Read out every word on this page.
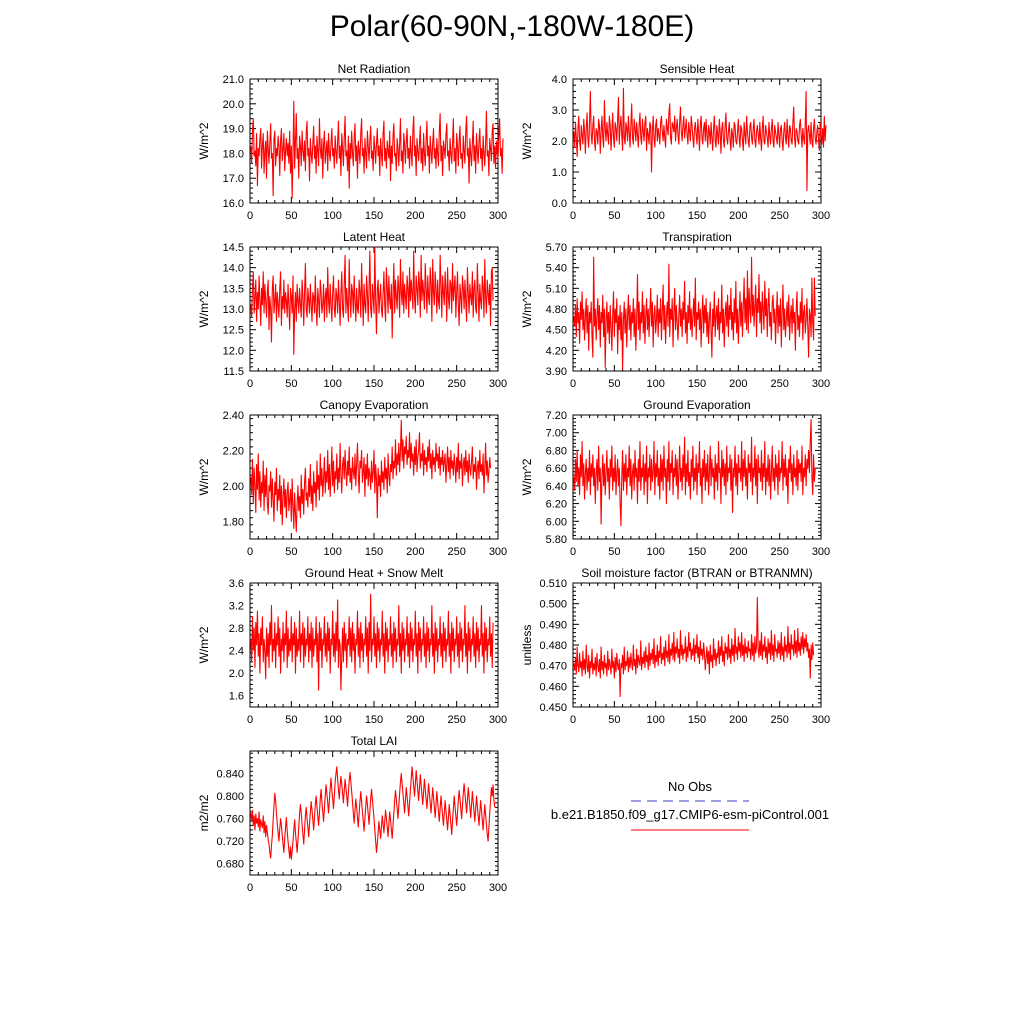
Polar(60-90N,-180W-180E)
Net Radiation
W/m^2
0	50 100 150 200 250 300
16.0
17.0
18.0
19.0
20.0
21.0
Sensible Heat
W/m^2
0	50 100 150 200 250 300
0.0
1.0
2.0
3.0
4.0
Latent Heat
W/m^2
0	50 100 150 200 250 300
11.5
12.0
12.5
13.0
13.5
14.0
14.5
Transpiration
W/m^2
0	50 100 150 200 250 300
3.90
4.20
4.50
4.80
5.10
5.40
5.70
Canopy Evaporation
W/m^2
0	50 100 150 200 250 300
1.80
2.00
2.20
2.40
Ground Evaporation
W/m^2
0	50 100 150 200 250 300
5.80
6.00
6.20
6.40
6.60
6.80
7.00
7.20
Ground Heat + Snow Melt
W/m^2
0	50 100 150 200 250 300
1.6
2.0
2.4
2.8
3.2
3.6
Soil moisture factor (BTRAN or BTRANMN)
unitless
0	50 100 150 200 250 300
0.450
0.460
0.470
0.480
0.490
0.500
0.510
Total LAI
m2/m2
0	50 100 150 200 250 300
0.680
0.720
0.760
0.800
0.840
No Obs
b.e21.B1850.f09_g17.CMIP6-esm-piControl.001
